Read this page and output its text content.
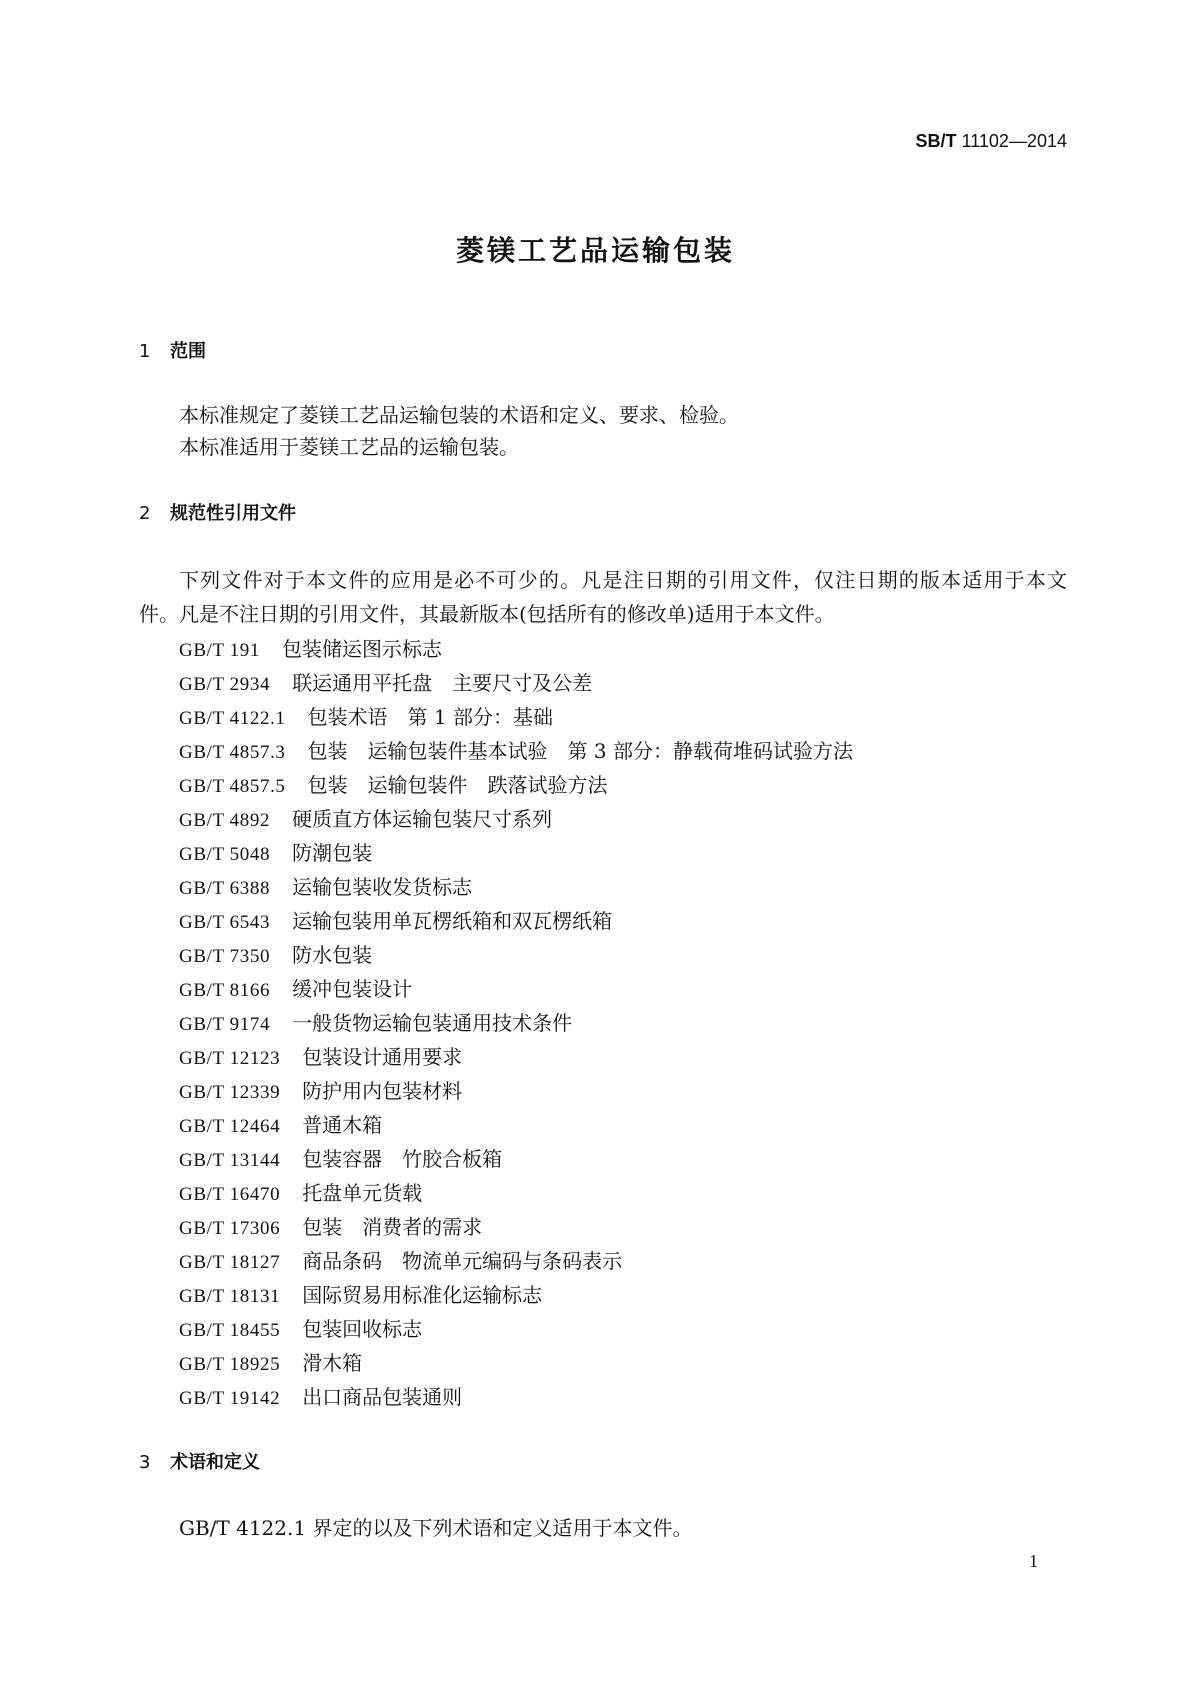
SB/T 11102—2014
菱镁工艺品运输包装
1 范围
本标准规定了菱镁工艺品运输包装的术语和定义、要求、检验。
本标准适用于菱镁工艺品的运输包装。
2 规范性引用文件
下列文件对于本文件的应用是必不可少的。凡是注日期的引用文件，仅注日期的版本适用于本文
件。凡是不注日期的引用文件，其最新版本(包括所有的修改单)适用于本文件。
GB/T 191 包装储运图示标志
GB/T 2934 联运通用平托盘　主要尺寸及公差
GB/T 4122.1 包装术语　第 1 部分：基础
GB/T 4857.3 包装　运输包装件基本试验　第 3 部分：静载荷堆码试验方法
GB/T 4857.5 包装　运输包装件　跌落试验方法
GB/T 4892 硬质直方体运输包装尺寸系列
GB/T 5048 防潮包装
GB/T 6388 运输包装收发货标志
GB/T 6543 运输包装用单瓦楞纸箱和双瓦楞纸箱
GB/T 7350 防水包装
GB/T 8166 缓冲包装设计
GB/T 9174 一般货物运输包装通用技术条件
GB/T 12123 包装设计通用要求
GB/T 12339 防护用内包装材料
GB/T 12464 普通木箱
GB/T 13144 包装容器　竹胶合板箱
GB/T 16470 托盘单元货载
GB/T 17306 包装　消费者的需求
GB/T 18127 商品条码　物流单元编码与条码表示
GB/T 18131 国际贸易用标准化运输标志
GB/T 18455 包装回收标志
GB/T 18925 滑木箱
GB/T 19142 出口商品包装通则
3 术语和定义
GB/T 4122.1 界定的以及下列术语和定义适用于本文件。
1
